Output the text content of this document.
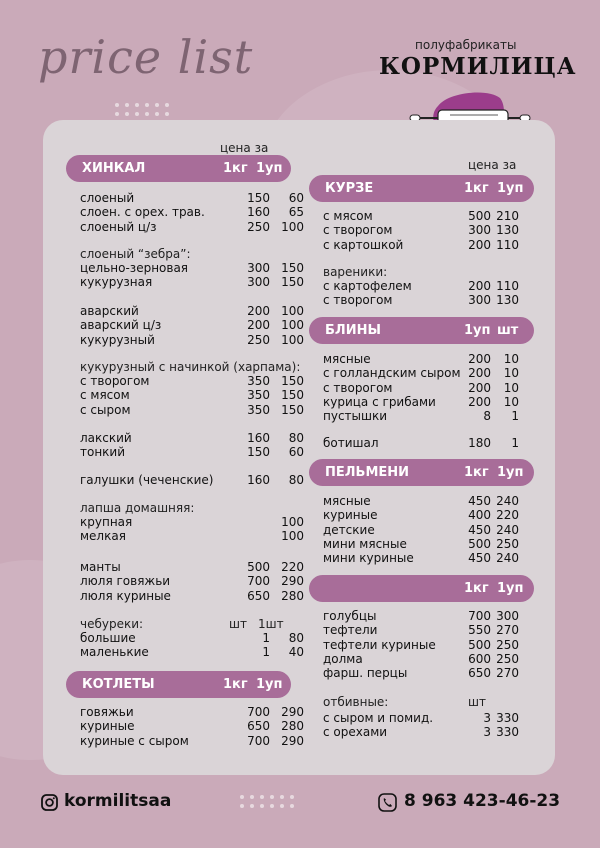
price list	полуфабрикаты
КОРМИЛИЦА
цена за
ХИНКАЛ	1кг 1уп
слоеный	150 60
слоен. с орех. трав.	160 65
слоеный ц/з	250 100
слоеный “зебра”:
цельно-зерновая	300 150
кукурузная	300 150
аварский	200 100
аварский ц/з	200 100
кукурузный	250 100
кукурузный с начинкой (харпама):
с творогом	350 150
с мясом	350 150
с сыром	350 150
лакский	160 80
тонкий	150 60
галушки (чеченские)	160 80
лапша домашняя:
крупная	100
мелкая	100
манты	500 220
люля говяжьи	700 290
люля куриные	650 280
чебуреки:	шт 1шт
большие	1 80
маленькие	1 40
КОТЛЕТЫ	1кг 1уп
говяжьи	700 290
куриные	650 280
куриные с сыром	700 290
цена за
КУРЗЕ	1кг 1уп
с мясом	500 210
с творогом	300 130
с картошкой	200 110
вареники:
с картофелем	200 110
с творогом	300 130
БЛИНЫ	1уп шт
мясные	200 10
с голландским сыром 200 10
с творогом	200 10
курица с грибами	200 10
пустышки	8 1
ботишал	180 1
ПЕЛЬМЕНИ	1кг 1уп
мясные	450 240
куриные	400 220
детские	450 240
мини мясные	500 250
мини куриные	450 240
1кг 1уп
голубцы	700 300
тефтели	550 270
тефтели куриные	500 250
долма	600 250
фарш. перцы	650 270
отбивные:	шт
с сыром и помид.	3 330
с орехами	3 330
kormilitsaa	8 963 423-46-23
